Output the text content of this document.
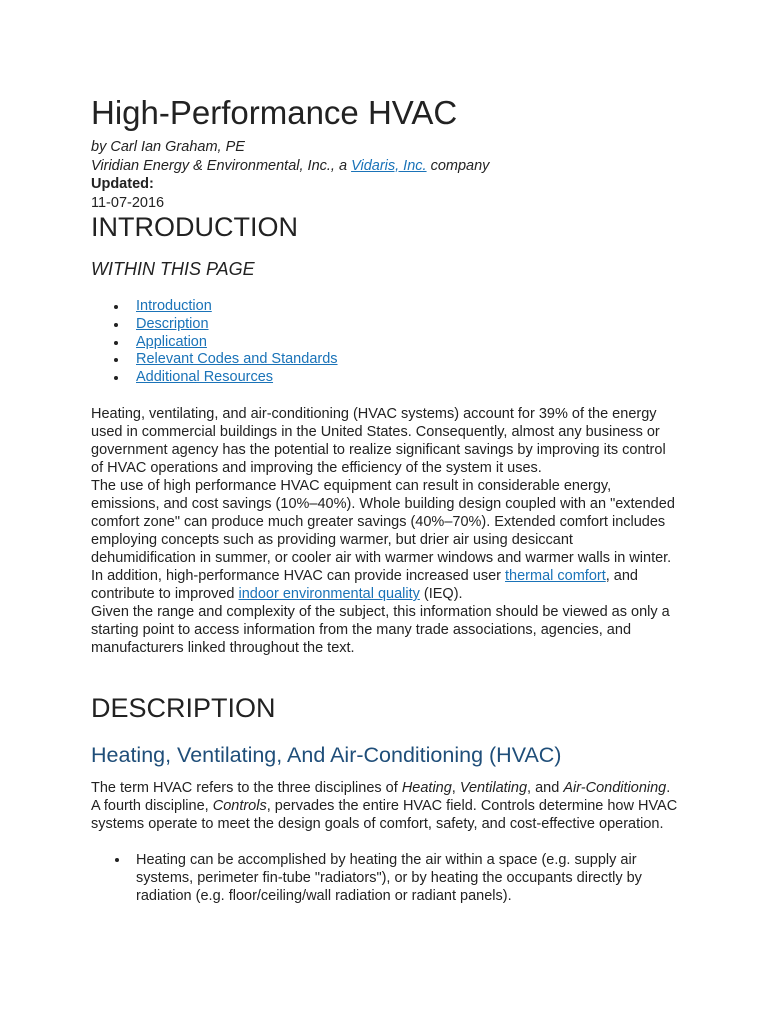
High-Performance HVAC
by Carl Ian Graham, PE
Viridian Energy & Environmental, Inc., a Vidaris, Inc. company
Updated:
11-07-2016
INTRODUCTION
WITHIN THIS PAGE
Introduction
Description
Application
Relevant Codes and Standards
Additional Resources

Heating, ventilating, and air-conditioning (HVAC systems) account for 39% of the energy used in commercial buildings in the United States. Consequently, almost any business or government agency has the potential to realize significant savings by improving its control of HVAC operations and improving the efficiency of the system it uses.

The use of high performance HVAC equipment can result in considerable energy, emissions, and cost savings (10%–40%). Whole building design coupled with an "extended comfort zone" can produce much greater savings (40%–70%). Extended comfort includes employing concepts such as providing warmer, but drier air using desiccant dehumidification in summer, or cooler air with warmer windows and warmer walls in winter. In addition, high-performance HVAC can provide increased user thermal comfort, and contribute to improved indoor environmental quality (IEQ).

Given the range and complexity of the subject, this information should be viewed as only a starting point to access information from the many trade associations, agencies, and manufacturers linked throughout the text.

DESCRIPTION
Heating, Ventilating, And Air-Conditioning (HVAC)

The term HVAC refers to the three disciplines of Heating, Ventilating, and Air-Conditioning. A fourth discipline, Controls, pervades the entire HVAC field. Controls determine how HVAC systems operate to meet the design goals of comfort, safety, and cost-effective operation.

Heating can be accomplished by heating the air within a space (e.g. supply air systems, perimeter fin-tube "radiators"), or by heating the occupants directly by radiation (e.g. floor/ceiling/wall radiation or radiant panels).
